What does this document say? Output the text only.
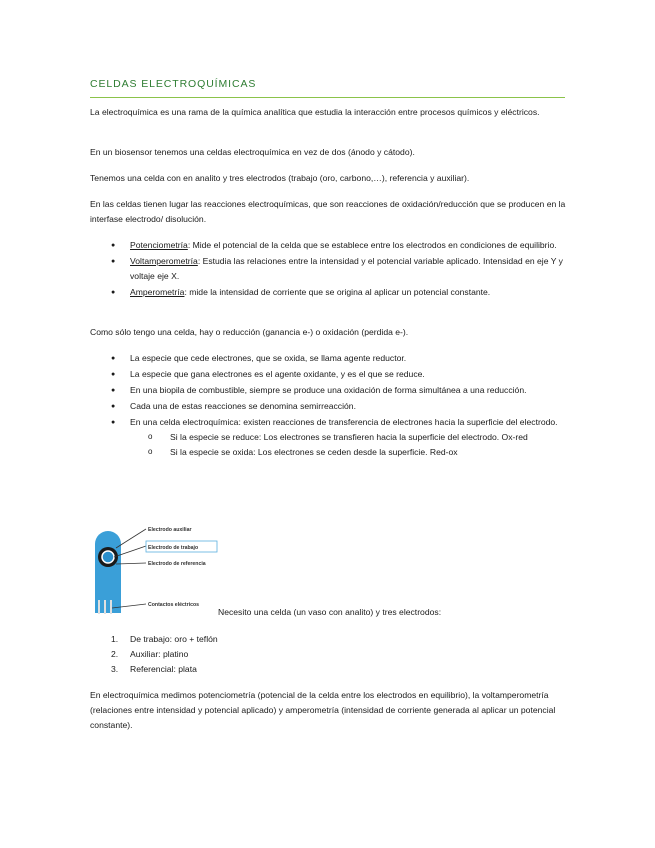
CELDAS ELECTROQUÍMICAS

La electroquímica es una rama de la química analítica que estudia la interacción entre procesos químicos y eléctricos.

En un biosensor tenemos una celdas electroquímica en vez de dos (ánodo y cátodo).

Tenemos una celda con en analito y tres electrodos (trabajo (oro, carbono,…), referencia y auxiliar).

En las celdas tienen lugar las reacciones electroquímicas, que son reacciones de oxidación/reducción que se producen en la interfase electrodo/ disolución.

● Potenciometría: Mide el potencial de la celda que se establece entre los electrodos en condiciones de equilibrio.
● Voltamperometría: Estudia las relaciones entre la intensidad y el potencial variable aplicado. Intensidad en eje Y y voltaje eje X.
● Amperometría: mide la intensidad de corriente que se origina al aplicar un potencial constante.

Como sólo tengo una celda, hay o reducción (ganancia e-) o oxidación (perdida e-).

● La especie que cede electrones, que se oxida, se llama agente reductor.
● La especie que gana electrones es el agente oxidante, y es el que se reduce.
● En una biopila de combustible, siempre se produce una oxidación de forma simultánea a una reducción.
● Cada una de estas reacciones se denomina semirreacción.
● En una celda electroquímica: existen reacciones de transferencia de electrones hacia la superficie del electrodo.
o Si la especie se reduce: Los electrones se transfieren hacia la superficie del electrodo. Ox-red
o Si la especie se oxida: Los electrones se ceden desde la superficie. Red-ox
Electrodo auxiliar
Electrodo de trabajo
Electrodo de referencia
Contactos eléctricos
Necesito una celda (un vaso con analito) y tres electrodos:
1. De trabajo: oro + teflón
2. Auxiliar: platino
3. Referencial: plata

En electroquímica medimos potenciometría (potencial de la celda entre los electrodos en equilibrio), la voltamperometría (relaciones entre intensidad y potencial aplicado) y amperometría (intensidad de corriente generada al aplicar un potencial constante).
